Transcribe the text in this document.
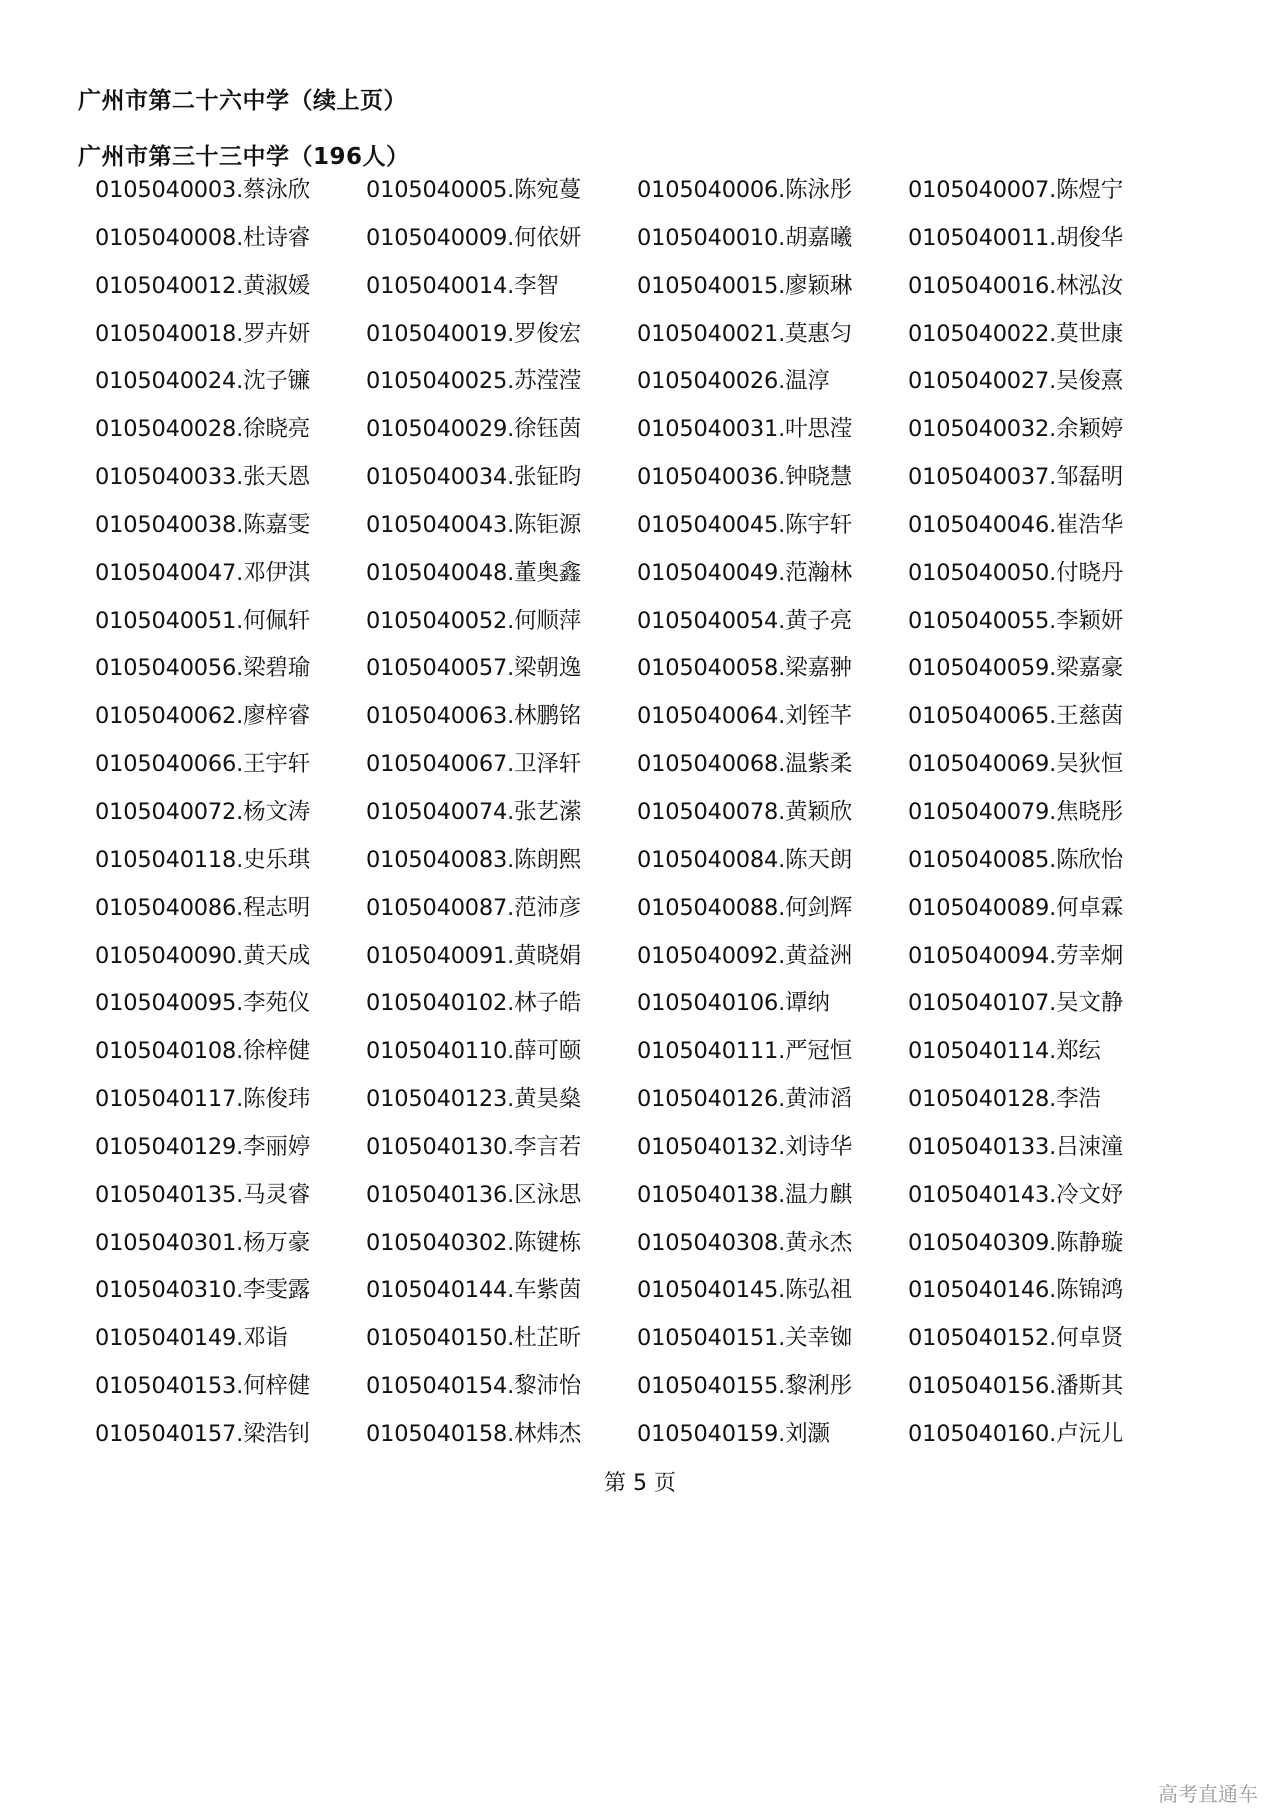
广州市第二十六中学（续上页）
广州市第三十三中学（196人）
0105040003.蔡泳欣	0105040005.陈宛蔓	0105040006.陈泳彤	0105040007.陈煜宁
0105040008.杜诗睿	0105040009.何依妍	0105040010.胡嘉曦	0105040011.胡俊华
0105040012.黄淑媛	0105040014.李智	0105040015.廖颖琳	0105040016.林泓汝
0105040018.罗卉妍	0105040019.罗俊宏	0105040021.莫惠匀	0105040022.莫世康
0105040024.沈子镰	0105040025.苏滢滢	0105040026.温淳	0105040027.吴俊熹
0105040028.徐晓亮	0105040029.徐钰茵	0105040031.叶思滢	0105040032.余颖婷
0105040033.张天恩	0105040034.张钲昀	0105040036.钟晓慧	0105040037.邹磊明
0105040038.陈嘉雯	0105040043.陈钜源	0105040045.陈宇轩	0105040046.崔浩华
0105040047.邓伊淇	0105040048.董奥鑫	0105040049.范瀚林	0105040050.付晓丹
0105040051.何佩轩	0105040052.何顺萍	0105040054.黄子亮	0105040055.李颖妍
0105040056.梁碧瑜	0105040057.梁朝逸	0105040058.梁嘉翀	0105040059.梁嘉豪
0105040062.廖梓睿	0105040063.林鹏铭	0105040064.刘铚芊	0105040065.王慈茵
0105040066.王宇轩	0105040067.卫泽轩	0105040068.温紫柔	0105040069.吴狄恒
0105040072.杨文涛	0105040074.张艺潆	0105040078.黄颖欣	0105040079.焦晓彤
0105040118.史乐琪	0105040083.陈朗熙	0105040084.陈天朗	0105040085.陈欣怡
0105040086.程志明	0105040087.范沛彦	0105040088.何剑辉	0105040089.何卓霖
0105040090.黄天成	0105040091.黄晓娟	0105040092.黄益洲	0105040094.劳幸炯
0105040095.李苑仪	0105040102.林子皓	0105040106.谭纳	0105040107.吴文静
0105040108.徐梓健	0105040110.薛可颐	0105040111.严冠恒	0105040114.郑纭
0105040117.陈俊玮	0105040123.黄昊燊	0105040126.黄沛滔	0105040128.李浩
0105040129.李丽婷	0105040130.李言若	0105040132.刘诗华	0105040133.吕涑潼
0105040135.马灵睿	0105040136.区泳思	0105040138.温力麒	0105040143.冷文妤
0105040301.杨万豪	0105040302.陈键栋	0105040308.黄永杰	0105040309.陈静璇
0105040310.李雯露	0105040144.车紫茵	0105040145.陈弘祖	0105040146.陈锦鸿
0105040149.邓诣	0105040150.杜芷昕	0105040151.关幸铷	0105040152.何卓贤
0105040153.何梓健	0105040154.黎沛怡	0105040155.黎浰彤	0105040156.潘斯其
0105040157.梁浩钊	0105040158.林炜杰	0105040159.刘灏	0105040160.卢沅儿
第 5 页
高考直通车
